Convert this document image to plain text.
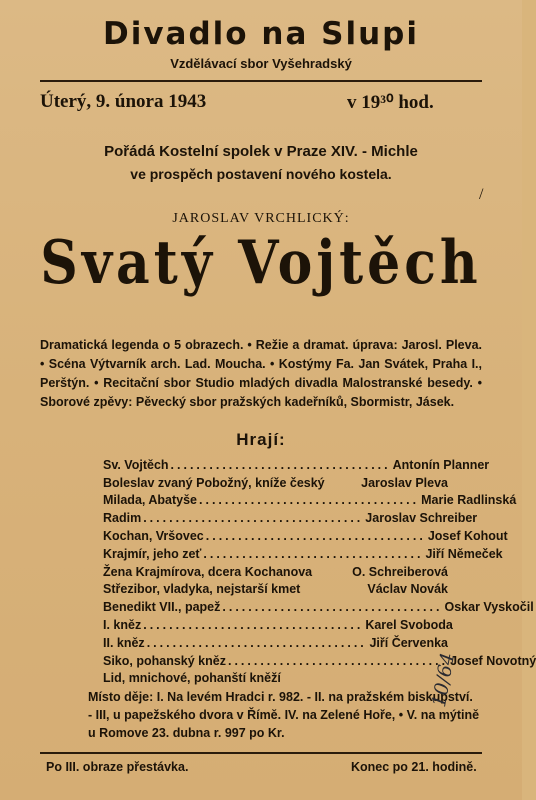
Divadlo na Slupi
Vzdělávací sbor Vyšehradský
Úterý, 9. února 1943	v 19³⁰ hod.
Pořádá Kostelní spolek v Praze XIV. - Michle
ve prospěch postavení nového kostela.
/
JAROSLAV VRCHLICKÝ:
Svatý Vojtěch
Dramatická legenda o 5 obrazech. • Režie a dramat. úprava: Jarosl. Pleva. • Scéna Výtvarník arch. Lad. Moucha. • Kostýmy Fa. Jan Svátek, Praha I., Perštýn. • Recitační sbor Studio mladých divadla Malostranské besedy. • Sborové zpěvy: Pěvecký sbor pražských kadeřníků, Sbormistr, Jásek.
Hrají:
Sv. Vojtěch .................................. Antonín Planner
Boleslav zvaný Pobožný, kníže český	Jaroslav Pleva
Milada, Abatyše .................................. Marie Radlinská
Radim .................................. Jaroslav Schreiber
Kochan, Vršovec .................................. Josef Kohout
Krajmír, jeho zeť .................................. Jiří Němeček
Žena Krajmírova, dcera Kochanova	O. Schreiberová
Střezibor, vladyka, nejstarší kmet	Václav Novák
Benedikt VII., papež .................................. Oskar Vyskočil
I. kněz .................................. Karel Svoboda
II. kněz .................................. Jiří Červenka
Siko, pohanský kněz .................................. Josef Novotný
Lid, mnichové, pohanští kněží
Místo děje: I. Na levém Hradci r. 982. - II. na pražském biskupství. - III, u papežského dvora v Římě. IV. na Zelené Hoře, • V. na mýtině u Romove 23. dubna r. 997 po Kr.
10/64
Po III. obraze přestávka.	Konec po 21. hodině.
